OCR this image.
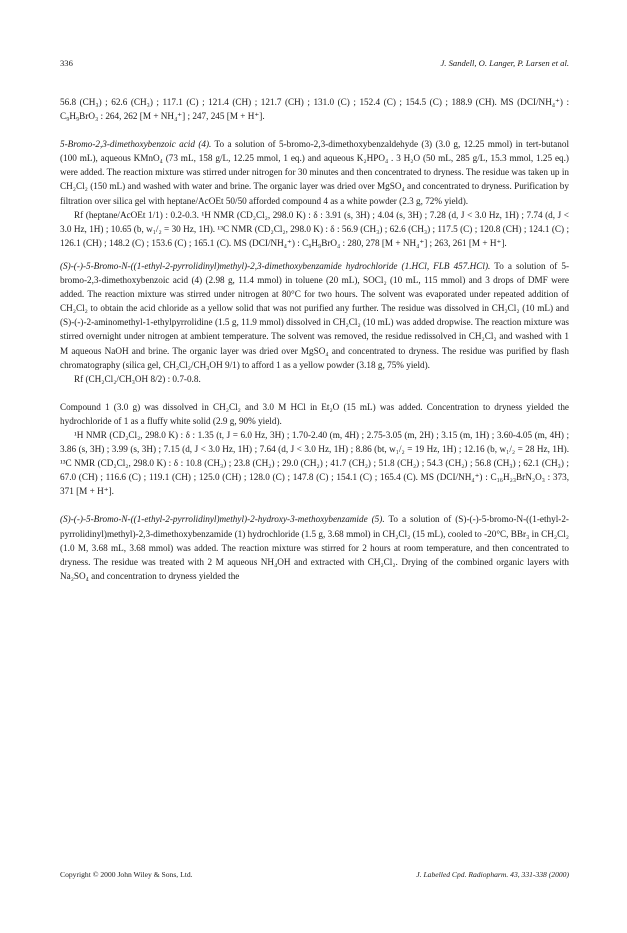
336	J. Sandell, O. Langer, P. Larsen et al.

56.8 (CH₃) ; 62.6 (CH₃) ; 117.1 (C) ; 121.4 (CH) ; 121.7 (CH) ; 131.0 (C) ; 152.4 (C) ; 154.5 (C) ; 188.9 (CH). MS (DCI/NH₄⁺) : C₉H₉BrO₃ : 264, 262 [M + NH₄⁺] ; 247, 245 [M + H⁺].

5-Bromo-2,3-dimethoxybenzoic acid (4). To a solution of 5-bromo-2,3-dimethoxybenzaldehyde (3) (3.0 g, 12.25 mmol) in tert-butanol (100 mL), aqueous KMnO₄ (73 mL, 158 g/L, 12.25 mmol, 1 eq.) and aqueous K₂HPO₄ . 3 H₂O (50 mL, 285 g/L, 15.3 mmol, 1.25 eq.) were added. The reaction mixture was stirred under nitrogen for 30 minutes and then concentrated to dryness. The residue was taken up in CH₂Cl₂ (150 mL) and washed with water and brine. The organic layer was dried over MgSO₄ and concentrated to dryness. Purification by filtration over silica gel with heptane/AcOEt 50/50 afforded compound 4 as a white powder (2.3 g, 72% yield).

Rf (heptane/AcOEt 1/1) : 0.2-0.3. ¹H NMR (CD₂Cl₂, 298.0 K) : δ : 3.91 (s, 3H) ; 4.04 (s, 3H) ; 7.28 (d, J < 3.0 Hz, 1H) ; 7.74 (d, J < 3.0 Hz, 1H) ; 10.65 (b, w₁/₂ = 30 Hz, 1H). ¹³C NMR (CD₂Cl₂, 298.0 K) : δ : 56.9 (CH₃) ; 62.6 (CH₃) ; 117.5 (C) ; 120.8 (CH) ; 124.1 (C) ; 126.1 (CH) ; 148.2 (C) ; 153.6 (C) ; 165.1 (C). MS (DCI/NH₄⁺) : C₉H₉BrO₄ : 280, 278 [M + NH₄⁺] ; 263, 261 [M + H⁺].

(S)-(-)-5-Bromo-N-((1-ethyl-2-pyrrolidinyl)methyl)-2,3-dimethoxybenzamide hydrochloride (1.HCl, FLB 457.HCl). To a solution of 5-bromo-2,3-dimethoxybenzoic acid (4) (2.98 g, 11.4 mmol) in toluene (20 mL), SOCl₂ (10 mL, 115 mmol) and 3 drops of DMF were added. The reaction mixture was stirred under nitrogen at 80°C for two hours. The solvent was evaporated under repeated addition of CH₂Cl₂ to obtain the acid chloride as a yellow solid that was not purified any further. The residue was dissolved in CH₂Cl₂ (10 mL) and (S)-(-)-2-aminomethyl-1-ethylpyrrolidine (1.5 g, 11.9 mmol) dissolved in CH₂Cl₂ (10 mL) was added dropwise. The reaction mixture was stirred overnight under nitrogen at ambient temperature. The solvent was removed, the residue redissolved in CH₂Cl₂ and washed with 1 M aqueous NaOH and brine. The organic layer was dried over MgSO₄ and concentrated to dryness. The residue was purified by flash chromatography (silica gel, CH₂Cl₂/CH₃OH 9/1) to afford 1 as a yellow powder (3.18 g, 75% yield).

Rf (CH₂Cl₂/CH₃OH 8/2) : 0.7-0.8.

Compound 1 (3.0 g) was dissolved in CH₂Cl₂ and 3.0 M HCl in Et₂O (15 mL) was added. Concentration to dryness yielded the hydrochloride of 1 as a fluffy white solid (2.9 g, 90% yield).

¹H NMR (CD₂Cl₂, 298.0 K) : δ : 1.35 (t, J = 6.0 Hz, 3H) ; 1.70-2.40 (m, 4H) ; 2.75-3.05 (m, 2H) ; 3.15 (m, 1H) ; 3.60-4.05 (m, 4H) ; 3.86 (s, 3H) ; 3.99 (s, 3H) ; 7.15 (d, J < 3.0 Hz, 1H) ; 7.64 (d, J < 3.0 Hz, 1H) ; 8.86 (bt, w₁/₂ = 19 Hz, 1H) ; 12.16 (b, w₁/₂ = 28 Hz, 1H). ¹³C NMR (CD₂Cl₂, 298.0 K) : δ : 10.8 (CH₃) ; 23.8 (CH₂) ; 29.0 (CH₂) ; 41.7 (CH₂) ; 51.8 (CH₂) ; 54.3 (CH₂) ; 56.8 (CH₃) ; 62.1 (CH₃) ; 67.0 (CH) ; 116.6 (C) ; 119.1 (CH) ; 125.0 (CH) ; 128.0 (C) ; 147.8 (C) ; 154.1 (C) ; 165.4 (C). MS (DCI/NH₄⁺) : C₁₆H₂₃BrN₂O₃ : 373, 371 [M + H⁺].

(S)-(-)-5-Bromo-N-((1-ethyl-2-pyrrolidinyl)methyl)-2-hydroxy-3-methoxybenzamide (5). To a solution of (S)-(-)-5-bromo-N-((1-ethyl-2-pyrrolidinyl)methyl)-2,3-dimethoxybenzamide (1) hydrochloride (1.5 g, 3.68 mmol) in CH₂Cl₂ (15 mL), cooled to -20°C, BBr₃ in CH₂Cl₂ (1.0 M, 3.68 mL, 3.68 mmol) was added. The reaction mixture was stirred for 2 hours at room temperature, and then concentrated to dryness. The residue was treated with 2 M aqueous NH₄OH and extracted with CH₂Cl₂. Drying of the combined organic layers with Na₂SO₄ and concentration to dryness yielded the

Copyright © 2000 John Wiley & Sons, Ltd.	J. Labelled Cpd. Radiopharm. 43, 331-338 (2000)
